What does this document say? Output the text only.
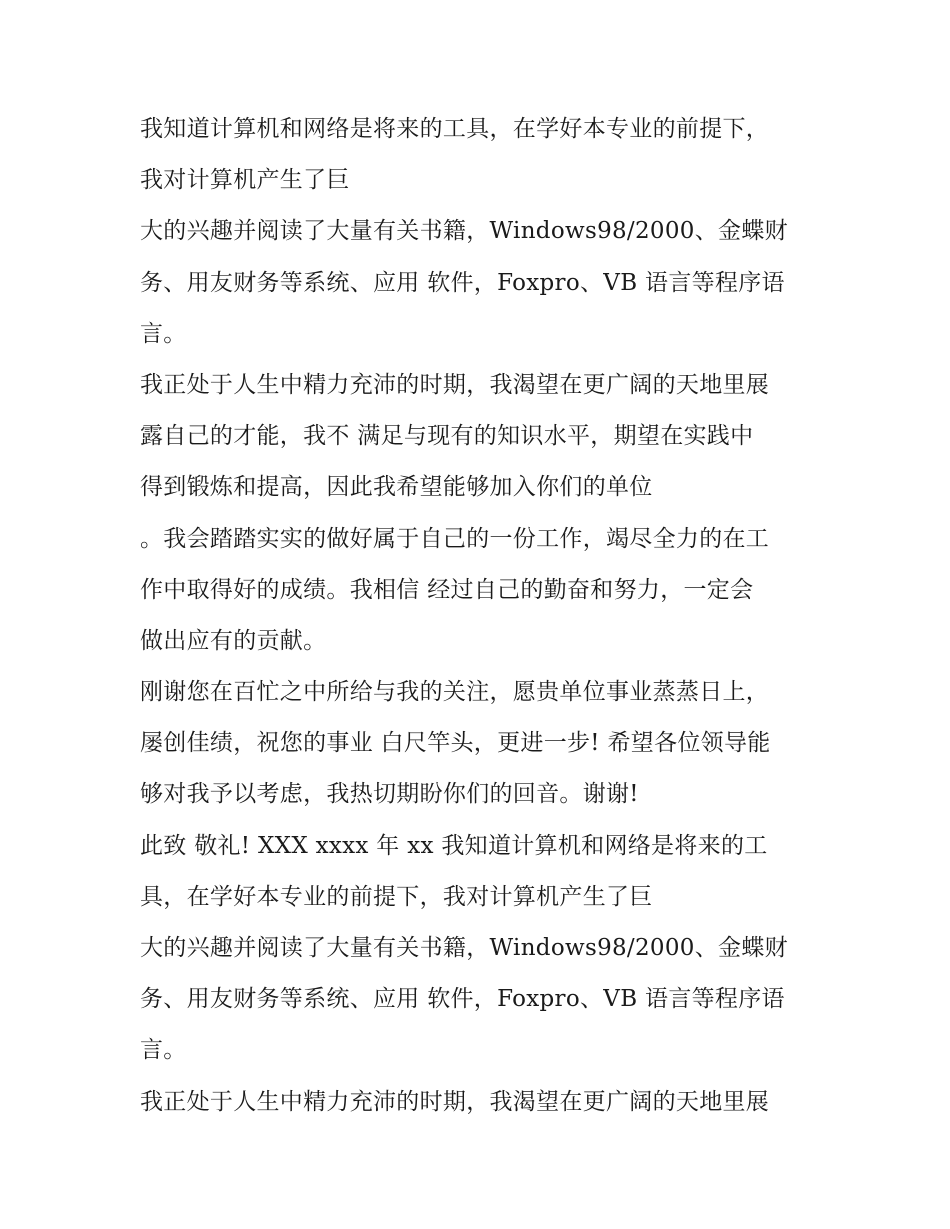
我知道计算机和网络是将来的工具，在学好本专业的前提下，
我对计算机产生了巨
大的兴趣并阅读了大量有关书籍，Windows98/2000、金蝶财
务、用友财务等系统、应用 软件，Foxpro、VB 语言等程序语
言。
我正处于人生中精力充沛的时期，我渴望在更广阔的天地里展
露自己的才能，我不 满足与现有的知识水平，期望在实践中
得到锻炼和提高，因此我希望能够加入你们的单位
。我会踏踏实实的做好属于自己的一份工作，竭尽全力的在工
作中取得好的成绩。我相信 经过自己的勤奋和努力，一定会
做出应有的贡献。
刚谢您在百忙之中所给与我的关注，愿贵单位事业蒸蒸日上，
屡创佳绩，祝您的事业 白尺竿头，更进一步! 希望各位领导能
够对我予以考虑，我热切期盼你们的回音。谢谢!
此致 敬礼! XXX xxxx 年 xx 我知道计算机和网络是将来的工
具，在学好本专业的前提下，我对计算机产生了巨
大的兴趣并阅读了大量有关书籍，Windows98/2000、金蝶财
务、用友财务等系统、应用 软件，Foxpro、VB 语言等程序语
言。
我正处于人生中精力充沛的时期，我渴望在更广阔的天地里展
